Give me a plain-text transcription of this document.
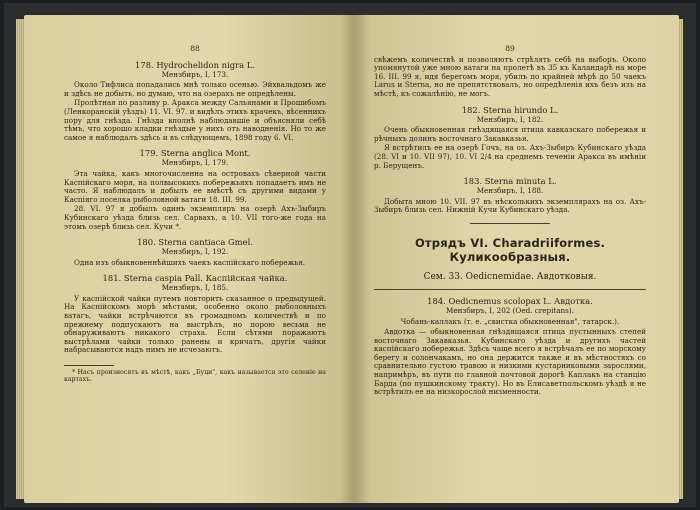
88
178. Hydrochelidon nigra L.
Мензбиръ, I, 173.
Около Тифлиса попадались мнѣ только осенью. Эйхвальдомъ же и здѣсь не добыть, но думаю, что на озерахъ не опредѣлены.
Пролѣтная по разливу р. Аракса между Сальянами и Прошибомъ (Ленкоранскій уѣздъ) 11. VI. 97. и видѣлъ этихъ крачекъ, вѣсеннихъ пору для гнѣзда. Гнѣзда вполнѣ наблюдавшіе и объясняли себѣ тѣмъ, что хорошо кладки гнѣздые у нихъ отъ наводненія. Но то же самое я наблюдалъ здѣсь и въ слѣдующемъ, 1898 году 6. VI.
179. Sterna anglica Mont.
Мензбиръ, I, 179.
Эта чайка, какъ многочисленна на островахъ сѣверной части Каспійскаго моря, на полвысокихъ побережьяхъ попадаетъ имъ не часто. Я наблюдалъ и добылъ ее вмѣстѣ съ другими видами у Каспіяго поселка рыболовной ватаги 18. III. 99.
28. VI. 97 я добылъ одинъ экземпляръ на озерѣ Ахъ-Зыбиръ Кубинскаго уѣзда близь сел. Сарвахъ, а 10. VII того-же года на этомъ озерѣ близь сел. Кучи *.
180. Sterna cantiaca Gmel.
Мензбиръ, I, 192.
Одна изъ обыкновеннѣйшихъ чаекъ каспійскаго побережья.
181. Sterna caspia Pall. Каспійская чайка.
Мензбиръ, I, 185.
У каспійской чайки путемъ повторить сказанное о предыдущей. На Каспійскомъ морѣ мѣстами, особенно около рыболовныхъ ватагъ, чайки встрѣчаются въ громадномъ количествѣ и по прежнему подпускаютъ на выстрѣлъ, но порою весьма не обнаруживаютъ никакого страха. Если сѣтями поражаютъ выстрѣлами чайки только ранены и кричатъ, другія чайки набрасываются надъ нимъ не исчезаютъ.
* Насъ произносятъ въ мѣстѣ, какъ „Буци", какъ называется это селеніе на картахъ.
89
свѣжемъ количествѣ и позволяютъ стрѣлять себѣ на выборъ. Около упомянутой уже мною ватаги на пролетѣ въ 35 къ Каландарѣ на море 16. III. 99 я, идя берегомъ моря, убилъ по крайней мѣрѣ до 50 чаекъ Larus и Sterna, но не препятствовалъ, но опредѣленія ихъ безъ изъ на мѣстѣ, къ сожалѣнію, не могъ.
182. Sterna hirundo L.
Мензбиръ, I, 182.
Очень обыкновенная гнѣздящаяся птица кавказскаго побережья и рѣчныхъ долинъ восточнаго Закавказья.
Я встрѣтилъ ее на озерѣ Гочъ, на оз. Ахъ-Зыбиръ Кубинскаго уѣзда (28. VI и 10. VII 97), 10. VI 2/4 на среднемъ теченіи Аракса въ имѣніи р. Берущенъ.
183. Sterna minuta L.
Мензбиръ, I, 188.
Добыта мною 10. VII. 97 въ нѣсколькихъ экземплярахъ на оз. Ахъ-Зыбиръ близь сел. Нижній Кучи Кубинскаго уѣзда.
Отрядъ VI. Charadriiformes. Куликообразныя.
Сем. 33. Oedicnemidae. Авдотковыя.
184. Oedicnemus scolopax L. Авдотка.
Мензбиръ, I, 202 (Oed. crepitans).
Чобань-каллакъ (т. е. „свистка обыкновенная", татарск.).
Авдотка — обыкновенная гнѣздящаяся птица пустынныхъ степей восточнаго Закавказья. Кубинскаго уѣзда и другихъ частей каспійскаго побережья. Здѣсь чаще всего я встрѣчалъ ее по морскому берегу и солончакамъ, но она держится также и въ мѣстностяхъ со сравнительно густою травою и низкими кустарниковыми зарослями, напримѣръ, въ пути по главной почтовой дорогѣ Каплакъ на станцію Барда (по пушкинскому тракту). Но въ Елисаветпольскомъ уѣздѣ я не встрѣтилъ ее на низкорослой низменности.
